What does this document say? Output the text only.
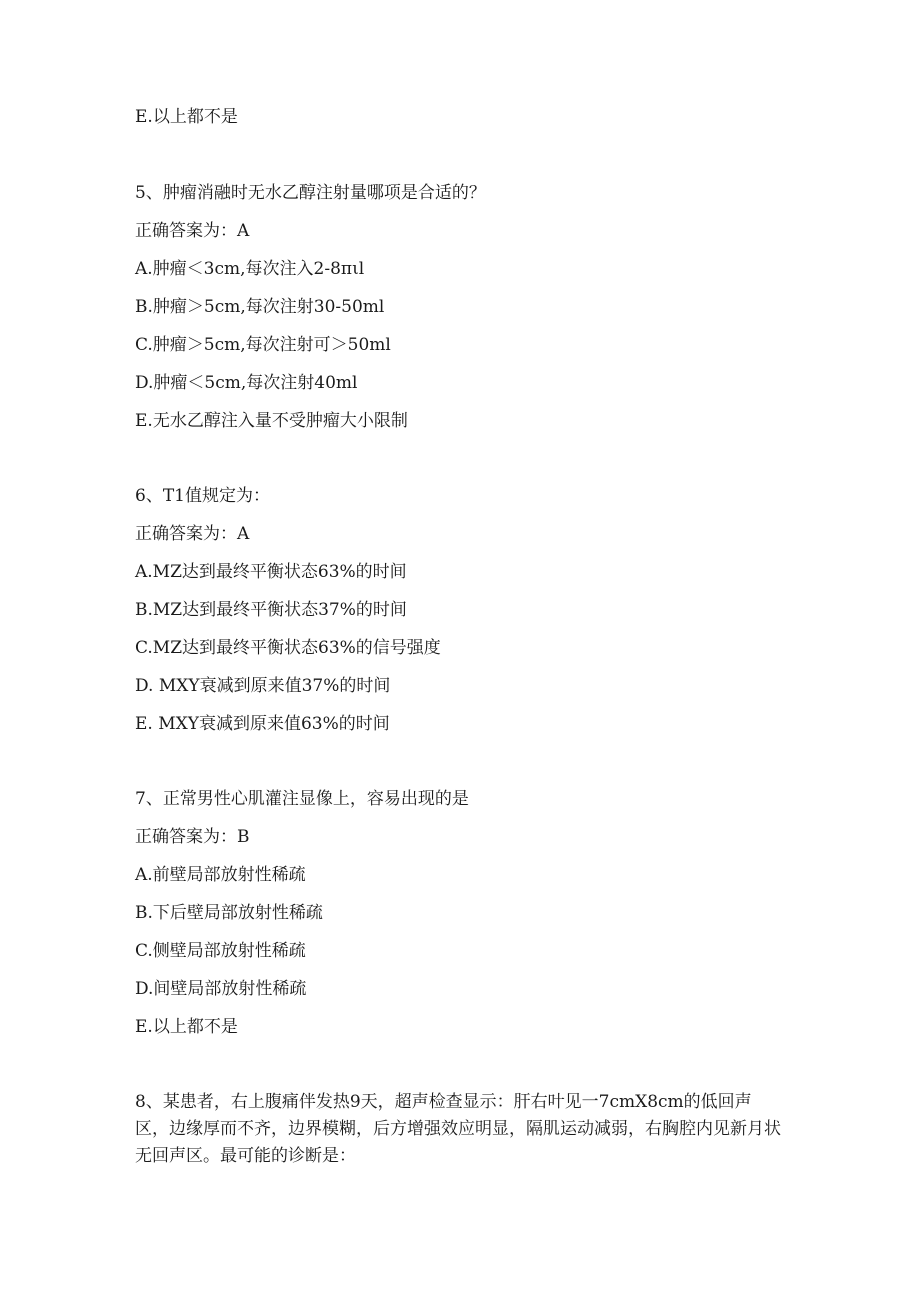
E.以上都不是

5、肿瘤消融时无水乙醇注射量哪项是合适的？

正确答案为：A

A.肿瘤＜3cm,每次注入2-8πιl

B.肿瘤＞5cm,每次注射30-50ml

C.肿瘤＞5cm,每次注射可＞50ml

D.肿瘤＜5cm,每次注射40ml

E.无水乙醇注入量不受肿瘤大小限制

6、T1值规定为：

正确答案为：A

A.MZ达到最终平衡状态63%的时间

B.MZ达到最终平衡状态37%的时间

C.MZ达到最终平衡状态63%的信号强度

D. MXY衰减到原来值37%的时间

E. MXY衰减到原来值63%的时间

7、正常男性心肌灌注显像上，容易出现的是

正确答案为：B

A.前壁局部放射性稀疏

B.下后壁局部放射性稀疏

C.侧壁局部放射性稀疏

D.间壁局部放射性稀疏

E.以上都不是

8、某患者，右上腹痛伴发热9天，超声检查显示：肝右叶见一7cmX8cm的低回声区，边缘厚而不齐，边界模糊，后方增强效应明显，隔肌运动减弱，右胸腔内见新月状无回声区。最可能的诊断是：
